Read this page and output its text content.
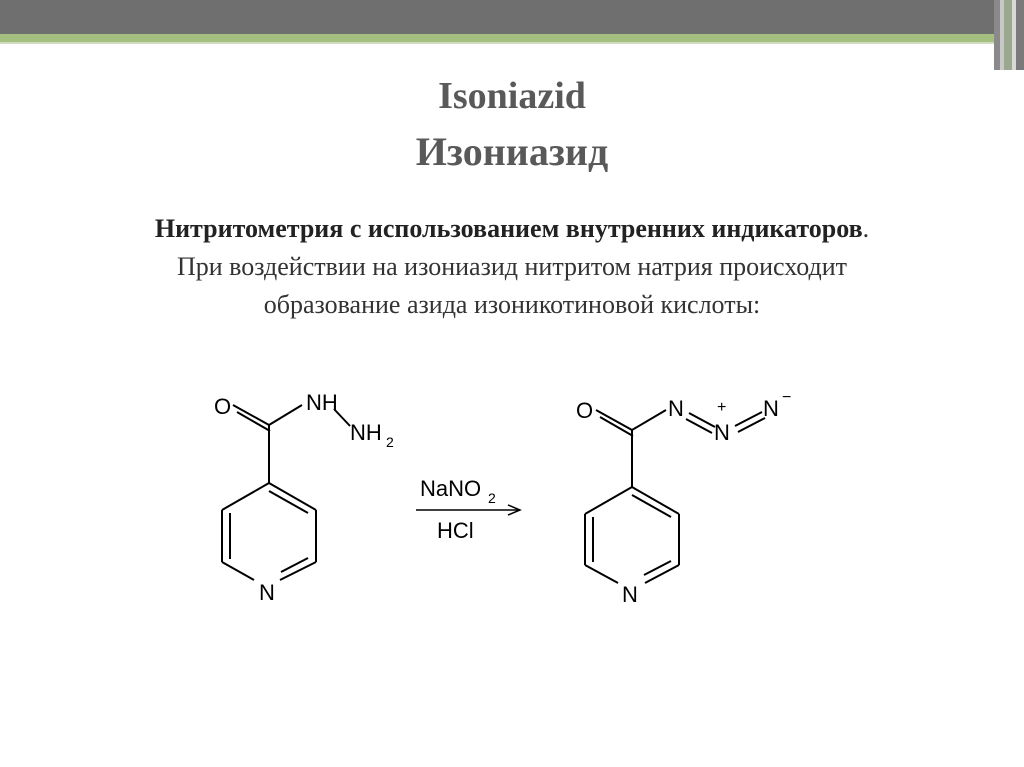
Isoniazid
Изониазид
Нитритометрия с использованием внутренних индикаторов.
При воздействии на изониазид нитритом натрия происходит
образование азида изоникотиновой кислоты:
O	NH
NH 2
N
NaNO 2
HCl
O	N +
N
N −
N
